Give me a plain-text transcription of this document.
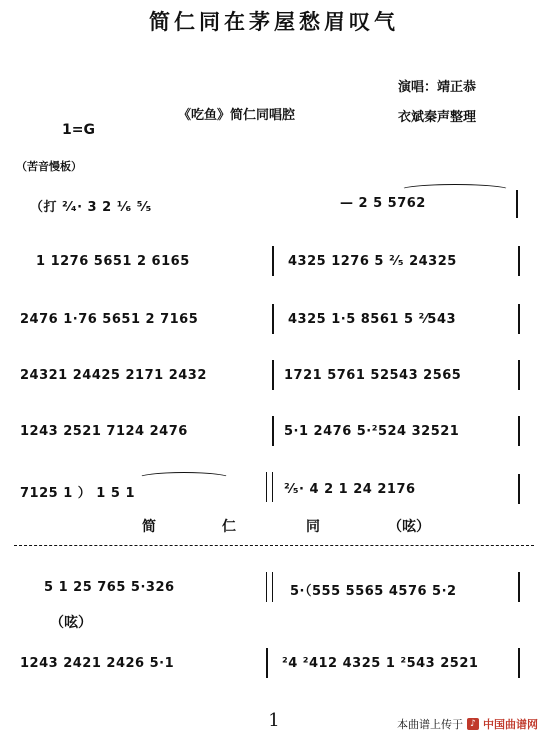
简仁同在茅屋愁眉叹气
演唱：靖正恭
《吃鱼》简仁同唱腔	衣斌秦声整理
1=G
（苦音慢板）
（打 ²⁄₄· 3 2 ¹⁄₆ ⁵⁄₅	— 2 5 5762
1 1276 5651 2 6165	4325 1276 5 ²⁄₅ 24325
2476 1·76 5651 2 7165	4325 1·5 8561 5 ²⁄543
24321 24425 2171 2432	1721 5761 52543 2565
1243 2521 7124 2476	5·1 2476 5·²524 32521
7125 1 ） 1 5 1	²⁄₅· 4 2 1 24 2176
简	仁	同	（呟）
5 1 25 765 5·326	5·（555 5565 4576 5·2
（呟）
1243 2421 2426 5·1	²4 ²412 4325 1 ²543 2521
1	本曲谱上传于 ♪ 中国曲谱网
